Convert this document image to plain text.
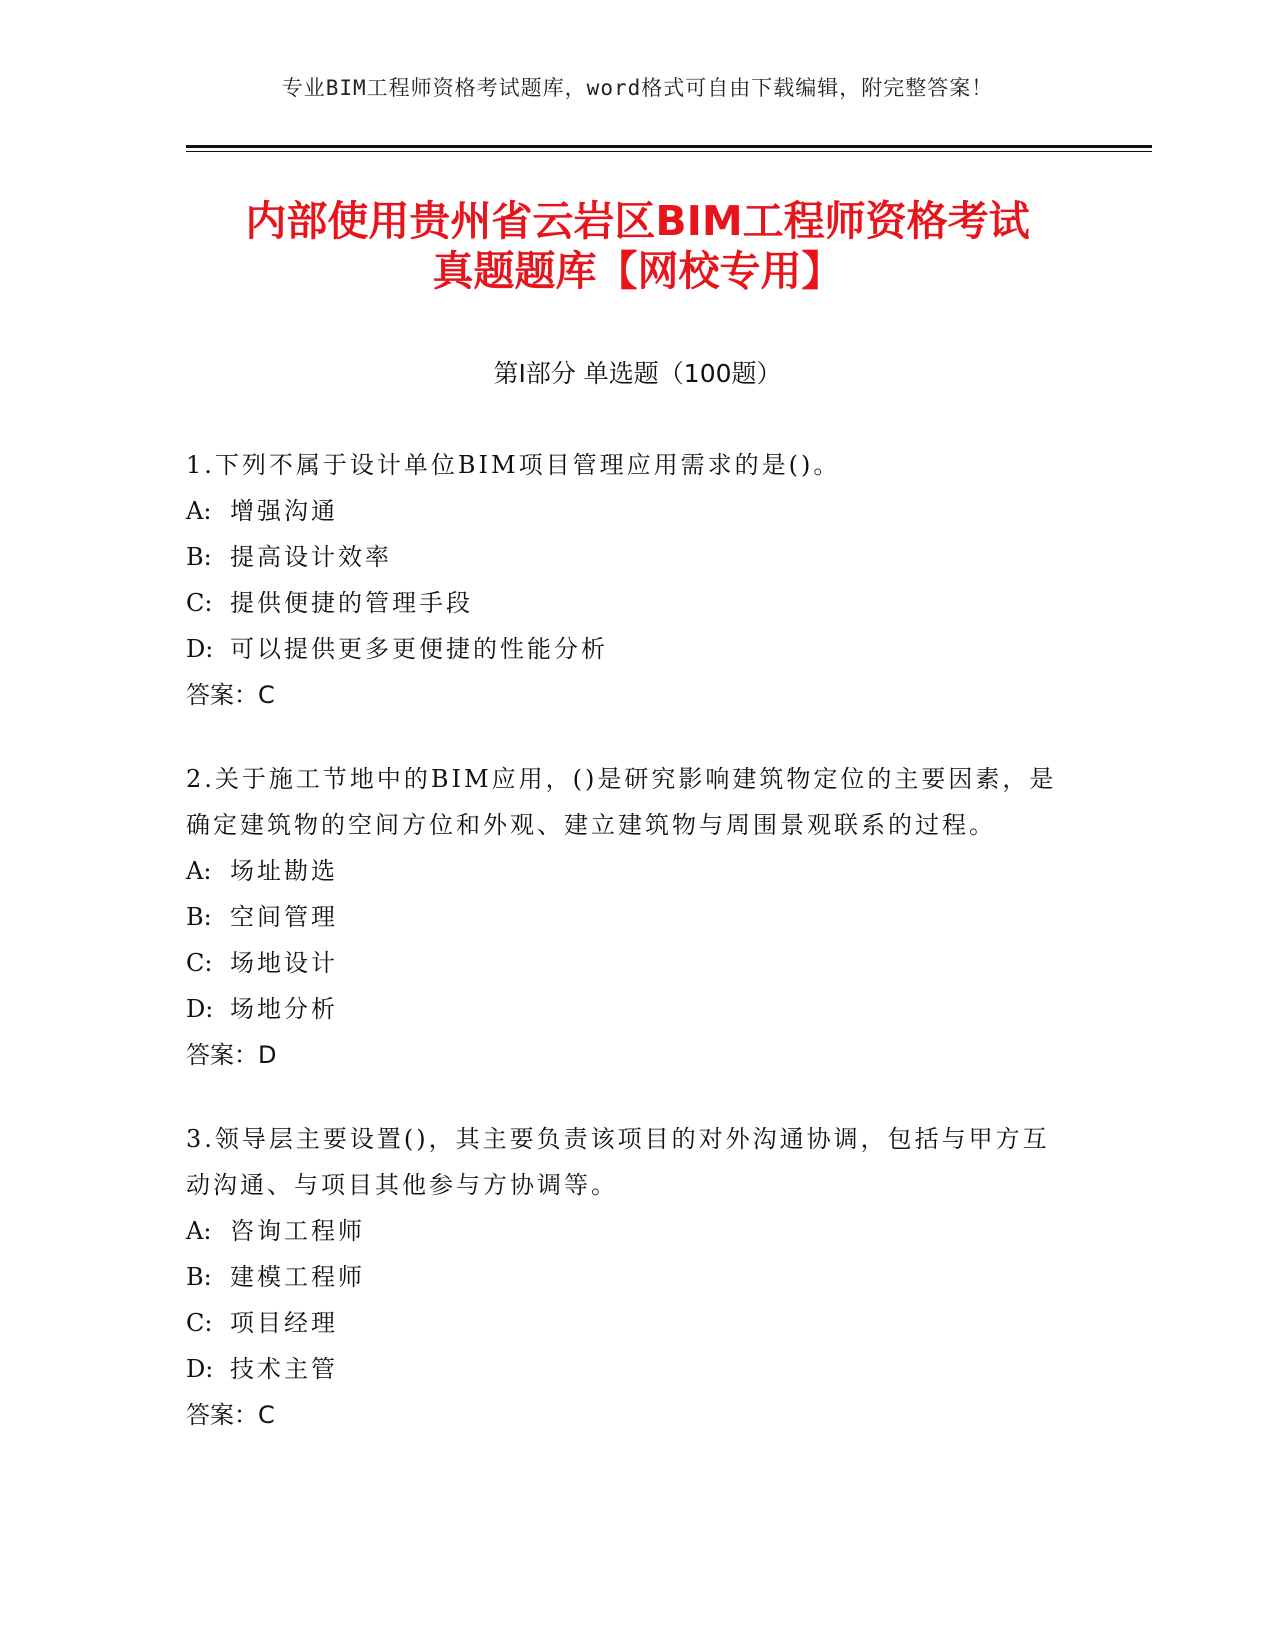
专业BIM工程师资格考试题库，word格式可自由下载编辑，附完整答案！
内部使用贵州省云岩区BIM工程师资格考试
真题题库【网校专用】
第Ⅰ部分 单选题（100题）

1.下列不属于设计单位BIM项目管理应用需求的是()。

A: 增强沟通
B: 提高设计效率
C: 提供便捷的管理手段
D: 可以提供更多更便捷的性能分析
答案：C

2.关于施工节地中的BIM应用，()是研究影响建筑物定位的主要因素，是确定建筑物的空间方位和外观、建立建筑物与周围景观联系的过程。

A: 场址勘选
B: 空间管理
C: 场地设计
D: 场地分析
答案：D

3.领导层主要设置()，其主要负责该项目的对外沟通协调，包括与甲方互动沟通、与项目其他参与方协调等。

A: 咨询工程师
B: 建模工程师
C: 项目经理
D: 技术主管
答案：C
